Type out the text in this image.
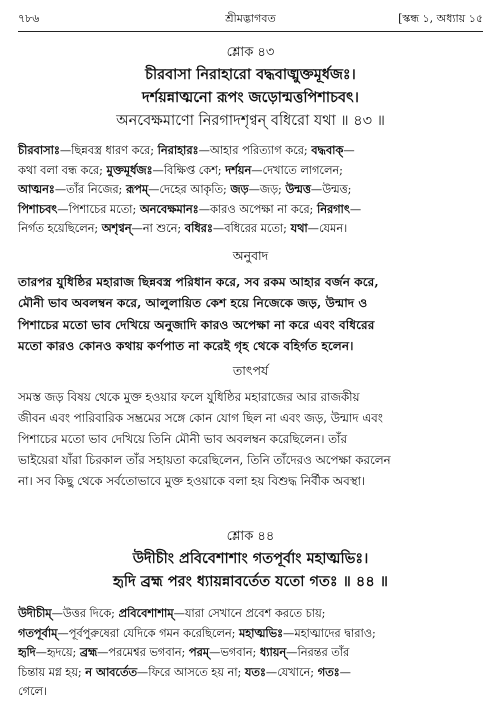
৭৮৬	শ্রীমদ্ভাগবত	[স্কন্ধ ১, অধ্যায় ১৫
শ্লোক ৪৩
চীরবাসা নিরাহারো বদ্ধবাঙ্মুক্তমূর্ধজঃ।
দর্শয়ন্নাত্মনো রূপং জড়োন্মত্তপিশাচবৎ।
অনবেক্ষমাণো নিরগাদশৃণ্বন্ বধিরো যথা ॥ ৪৩ ॥
চীরবাসাঃ—ছিন্নবস্ত্র ধারণ করে; নিরাহারঃ—আহার পরিত্যাগ করে; বদ্ধবাক্—
কথা বলা বন্ধ করে; মুক্তমূর্ধজঃ—বিক্ষিপ্ত কেশ; দর্শয়ন—দেখাতে লাগলেন;
আত্মনঃ—তাঁর নিজের; রূপম্—দেহের আকৃতি; জড়—জড়; উন্মত্ত—উন্মত্ত;
পিশাচবৎ—পিশাচের মতো; অনবেক্ষমানঃ—কারও অপেক্ষা না করে; নিরগাৎ—
নির্গত হয়েছিলেন; অশৃণ্বন্—না শুনে; বধিরঃ—বধিরের মতো; যথা—যেমন।
অনুবাদ
তারপর যুধিষ্ঠির মহারাজ ছিন্নবস্ত্র পরিধান করে, সব রকম আহার বর্জন করে,
মৌনী ভাব অবলম্বন করে, আলুলায়িত কেশ হয়ে নিজেকে জড়, উন্মাদ ও
পিশাচের মতো ভাব দেখিয়ে অনুজাদি কারও অপেক্ষা না করে এবং বধিরের
মতো কারও কোনও কথায় কর্ণপাত না করেই গৃহ থেকে বহির্গত হলেন।
তাৎপর্য
সমস্ত জড় বিষয় থেকে মুক্ত হওয়ার ফলে যুধিষ্ঠির মহারাজের আর রাজকীয়
জীবন এবং পারিবারিক সম্ভ্রমের সঙ্গে কোন যোগ ছিল না এবং জড়, উন্মাদ এবং
পিশাচের মতো ভাব দেখিয়ে তিনি মৌনী ভাব অবলম্বন করেছিলেন। তাঁর
ভাইয়েরা যাঁরা চিরকাল তাঁর সহায়তা করেছিলেন, তিনি তাঁদেরও অপেক্ষা করলেন
না। সব কিছু থেকে সর্বতোভাবে মুক্ত হওয়াকে বলা হয় বিশুদ্ধ নির্বীক অবস্থা।
শ্লোক ৪৪
উদীচীং প্রবিবেশাশাং গতপূর্বাং মহাত্মভিঃ।
হৃদি ব্রহ্ম পরং ধ্যায়ন্নাবর্তেত যতো গতঃ ॥ ৪৪ ॥
উদীচীম্—উত্তর দিকে; প্রবিবেশাশাম্—যারা সেখানে প্রবেশ করতে চায়;
গতপূর্বাম্—পূর্বপুরুষেরা যেদিকে গমন করেছিলেন; মহাত্মভিঃ—মহাত্মাদের দ্বারাও;
হৃদি—হৃদয়ে; ব্রহ্ম—পরমেশ্বর ভগবান; পরম্—ভগবান; ধ্যায়ন্—নিরন্তর তাঁর
চিন্তায় মগ্ন হয়; ন আবর্তেত—ফিরে আসতে হয় না; যতঃ—যেখানে; গতঃ—
গেলে।
